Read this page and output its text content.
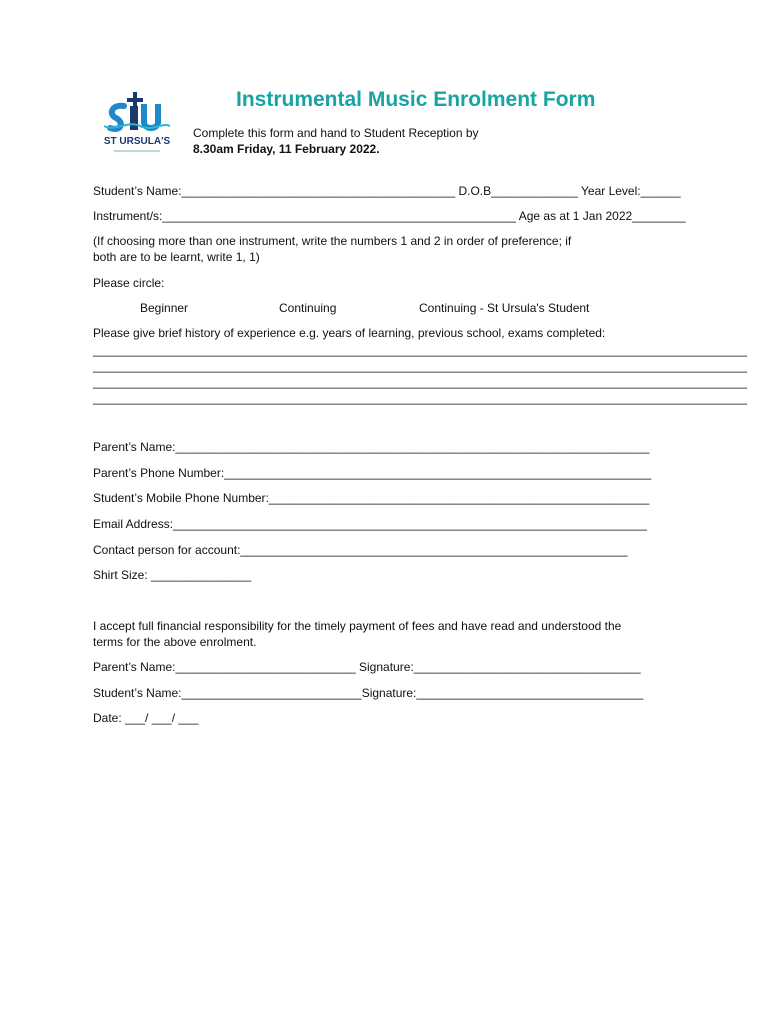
ST URSULA'S
Instrumental Music Enrolment Form
Complete this form and hand to Student Reception by
8.30am Friday, 11 February 2022.
Student’s Name:_________________________________________ D.O.B_____________ Year Level:______
Instrument/s:_____________________________________________________ Age as at 1 Jan 2022________
(If choosing more than one instrument, write the numbers 1 and 2 in order of preference; if
both are to be learnt, write 1, 1)
Please circle:
Beginner	Continuing	Continuing - St Ursula's Student
Please give brief history of experience e.g. years of learning, previous school, exams completed:
__________________________________________________________________________________________________
__________________________________________________________________________________________________
__________________________________________________________________________________________________
__________________________________________________________________________________________________
Parent’s Name:_______________________________________________________________________
Parent’s Phone Number:________________________________________________________________
Student’s Mobile Phone Number:_________________________________________________________
Email Address:_______________________________________________________________________
Contact person for account:__________________________________________________________
Shirt Size: _______________
I accept full financial responsibility for the timely payment of fees and have read and understood the
terms for the above enrolment.
Parent’s Name:___________________________ Signature:__________________________________
Student’s Name:___________________________Signature:__________________________________
Date: ___/ ___/ ___
